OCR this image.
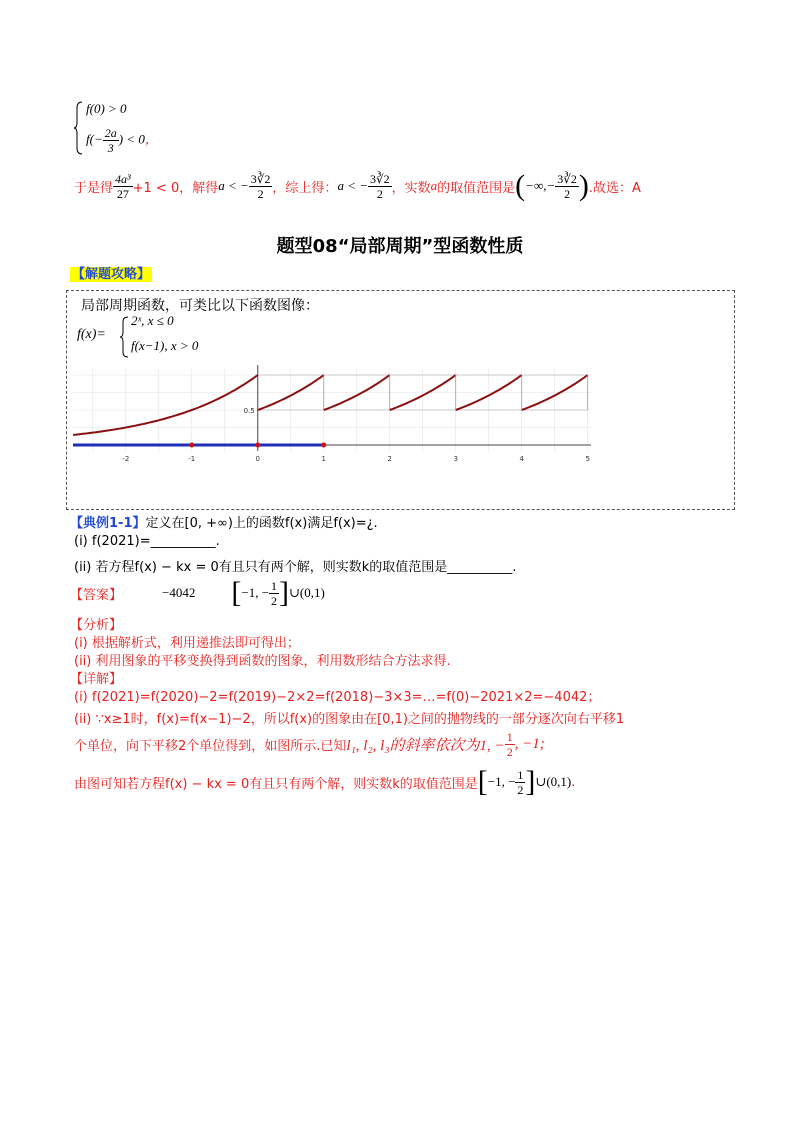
f(0) > 0
$f(- \frac{2a}{3}$ ) < 0，
于是得 $\frac{\text{4a³}}{27} +1 < 0$，解得 a < − $\frac{3∛2}{2}$ ，综上得： a < − $\frac{3∛2}{2}$ ，实数 a 的取值范围是 ( −∞,− $\frac{3∛2}{2}$ ) .故选：A
题型08“局部周期”型函数性质
【解题攻略】
局部周期函数，可类比以下函数图像：
f(x)=
2ˣ, x ≤ 0
f(x−1), x > 0
-2	-1	0	1	2	3	4	5
0.5
【典例1-1】定义在[0, +∞)上的函数f(x)满足f(x)=¿.
(i) f(2021)=__________.
(ii) 若方程f(x) − kx = 0有且只有两个解，则实数k的取值范围是__________.
【答案】	−4042 [ −1, − $\frac{1}{2}$ ] ∪(0,1)
【分析】
(i) 根据解析式，利用递推法即可得出；
(ii) 利用图象的平移变换得到函数的图象，利用数形结合方法求得.
【详解】
(i) f(2021)=f(2020)−2=f(2019)−2×2=f(2018)−3×3=…=f(0)−2021×2=−4042；
(ii) ∵x≥1时，f(x)=f(x−1)−2，所以f(x)的图象由在[0,1)之间的抛物线的一部分逐次向右平移1
个单位，向下平移2个单位得到，如图所示.已知 l₁, l₂, l₃的斜率依次为1, − $\frac{1}{2}$ , −1;
由图可知若方程f(x) − kx = 0有且只有两个解，则实数k的取值范围是 [ −1, − $\frac{1}{2}$ ] ∪(0,1) .
